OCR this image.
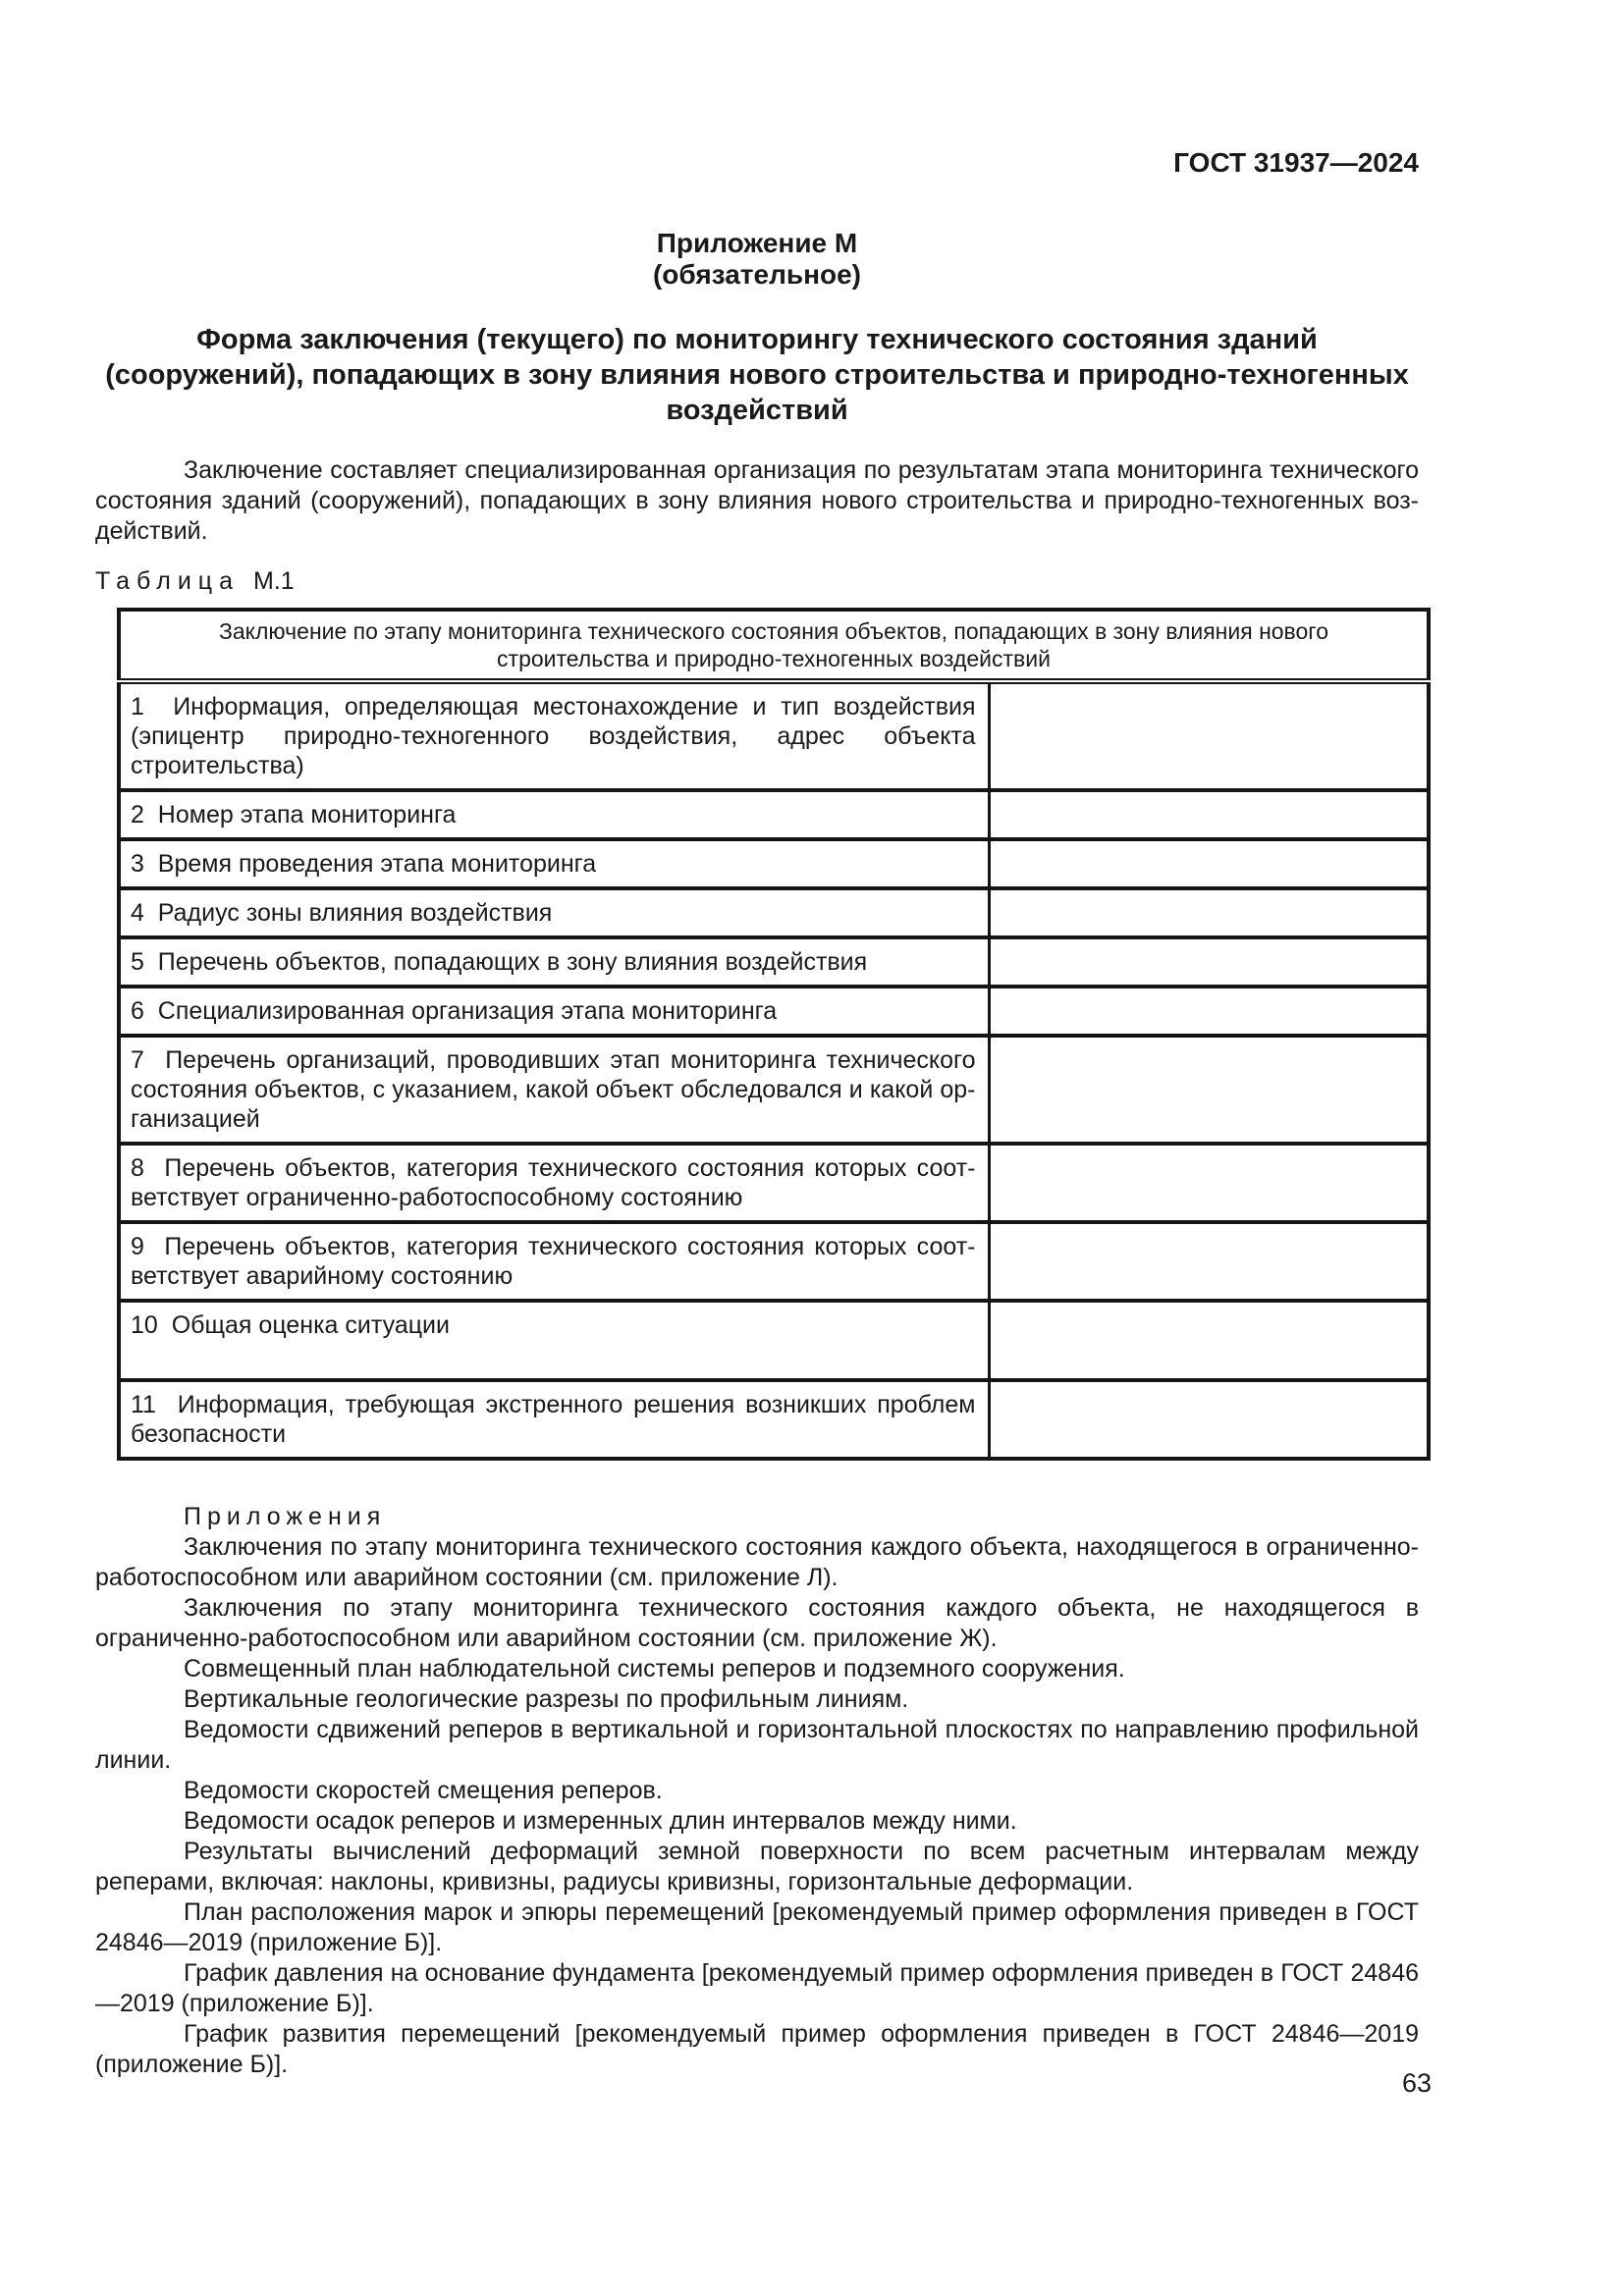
ГОСТ 31937—2024
Приложение М
(обязательное)
Форма заключения (текущего) по мониторингу технического состояния зданий (сооружений), попадающих в зону влияния нового строительства и природно-техногенных воздействий

Заключение составляет специализированная организация по результатам этапа мониторинга технического состояния зданий (сооружений), попадающих в зону влияния нового строительства и природно-техногенных воздействий.

Таблица М.1
Заключение по этапу мониторинга технического состояния объектов, попадающих в зону влияния нового строительства и природно-техногенных воздействий	
1  Информация, определяющая местонахождение и тип воздействия (эпицентр природно-техногенного воздействия, адрес объекта строительства)	
2  Номер этапа мониторинга	
3  Время проведения этапа мониторинга	
4  Радиус зоны влияния воздействия	
5  Перечень объектов, попадающих в зону влияния воздействия	
6  Специализированная организация этапа мониторинга	
7  Перечень организаций, проводивших этап мониторинга технического состояния объектов, с указанием, какой объект обследовался и какой организацией	
8  Перечень объектов, категория технического состояния которых соответствует ограниченно-работоспособному состоянию	
9  Перечень объектов, категория технического состояния которых соответствует аварийному состоянию	
10  Общая оценка ситуации	
11  Информация, требующая экстренного решения возникших проблем безопасности	

Приложения

Заключения по этапу мониторинга технического состояния каждого объекта, находящегося в ограниченно-работоспособном или аварийном состоянии (см. приложение Л).

Заключения по этапу мониторинга технического состояния каждого объекта, не находящегося в ограниченно-работоспособном или аварийном состоянии (см. приложение Ж).

Совмещенный план наблюдательной системы реперов и подземного сооружения.

Вертикальные геологические разрезы по профильным линиям.

Ведомости сдвижений реперов в вертикальной и горизонтальной плоскостях по направлению профильной линии.

Ведомости скоростей смещения реперов.

Ведомости осадок реперов и измеренных длин интервалов между ними.

Результаты вычислений деформаций земной поверхности по всем расчетным интервалам между реперами, включая: наклоны, кривизны, радиусы кривизны, горизонтальные деформации.

План расположения марок и эпюры перемещений [рекомендуемый пример оформления приведен в ГОСТ 24846—2019 (приложение Б)].

График давления на основание фундамента [рекомендуемый пример оформления приведен в ГОСТ 24846—2019 (приложение Б)].

График развития перемещений [рекомендуемый пример оформления приведен в ГОСТ 24846—2019 (приложение Б)].

63
